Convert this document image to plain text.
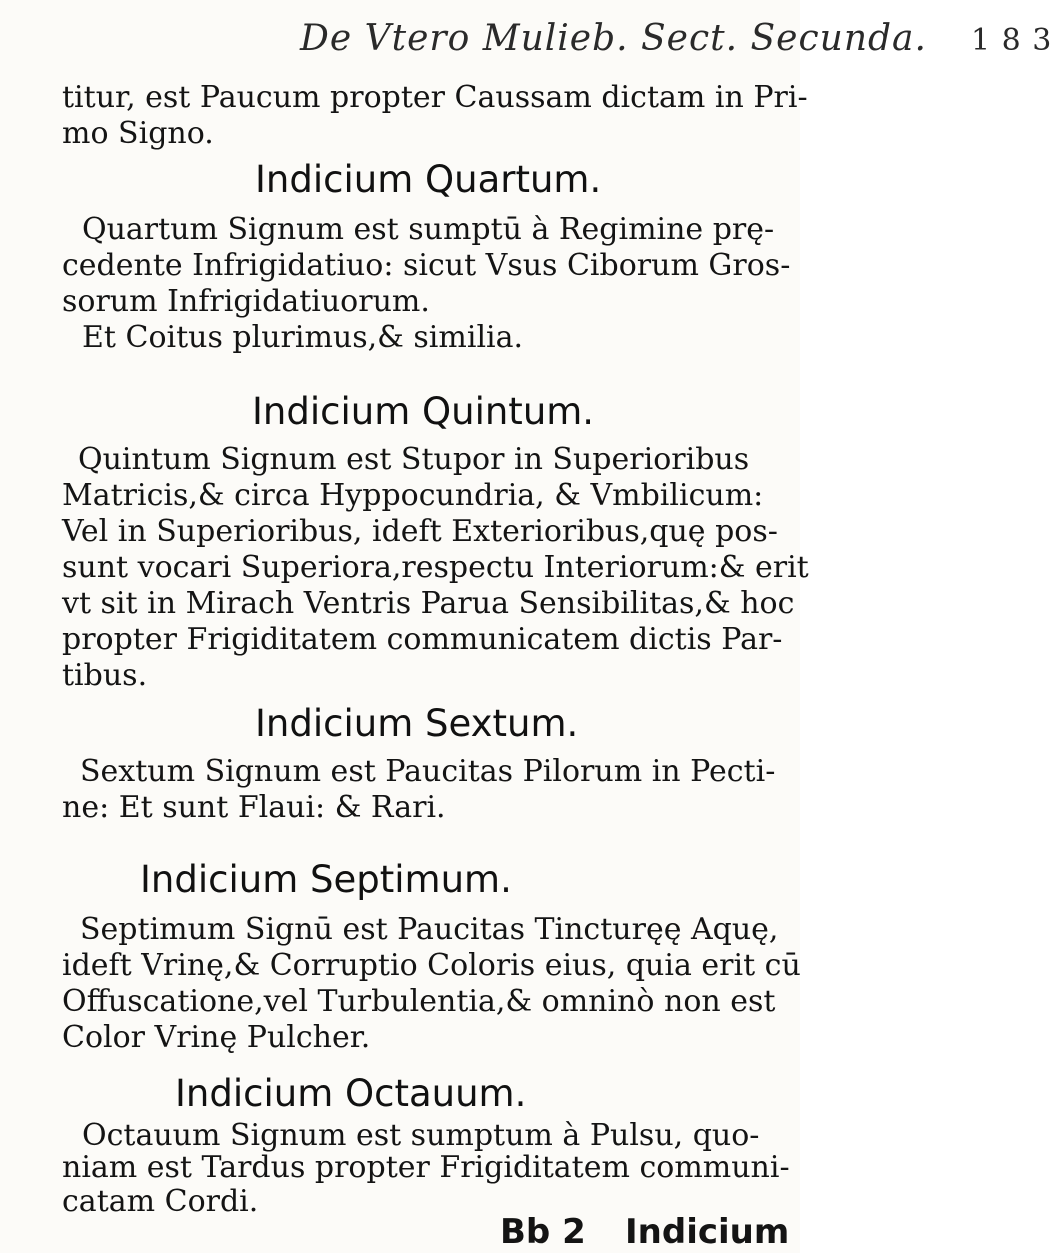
De Vtero Mulieb. Sect. Secunda. 1 8 3
titur, est Paucum propter Caussam dictam in Pri-
mo Signo.
Indicium Quartum.
Quartum Signum est sumptū à Regimine prę-
cedente Infrigidatiuo: sicut Vsus Ciborum Gros-
sorum Infrigidatiuorum.
Et Coitus plurimus,& similia.
Indicium Quintum.
Quintum Signum est Stupor in Superioribus
Matricis,& circa Hyppocundria, & Vmbilicum:
Vel in Superioribus, ideft Exterioribus,quę pos-
sunt vocari Superiora,respectu Interiorum:& erit
vt sit in Mirach Ventris Parua Sensibilitas,& hoc
propter Frigiditatem communicatem dictis Par-
tibus.
Indicium Sextum.
Sextum Signum est Paucitas Pilorum in Pecti-
ne: Et sunt Flaui: & Rari.
Indicium Septimum.
Septimum Signū est Paucitas Tincturęę Aquę,
ideft Vrinę,& Corruptio Coloris eius, quia erit cū
Offuscatione,vel Turbulentia,& omninò non est
Color Vrinę Pulcher.
Indicium Octauum.
Octauum Signum est sumptum à Pulsu, quo-
niam est Tardus propter Frigiditatem communi-
catam Cordi.
Bb 2 Indicium
